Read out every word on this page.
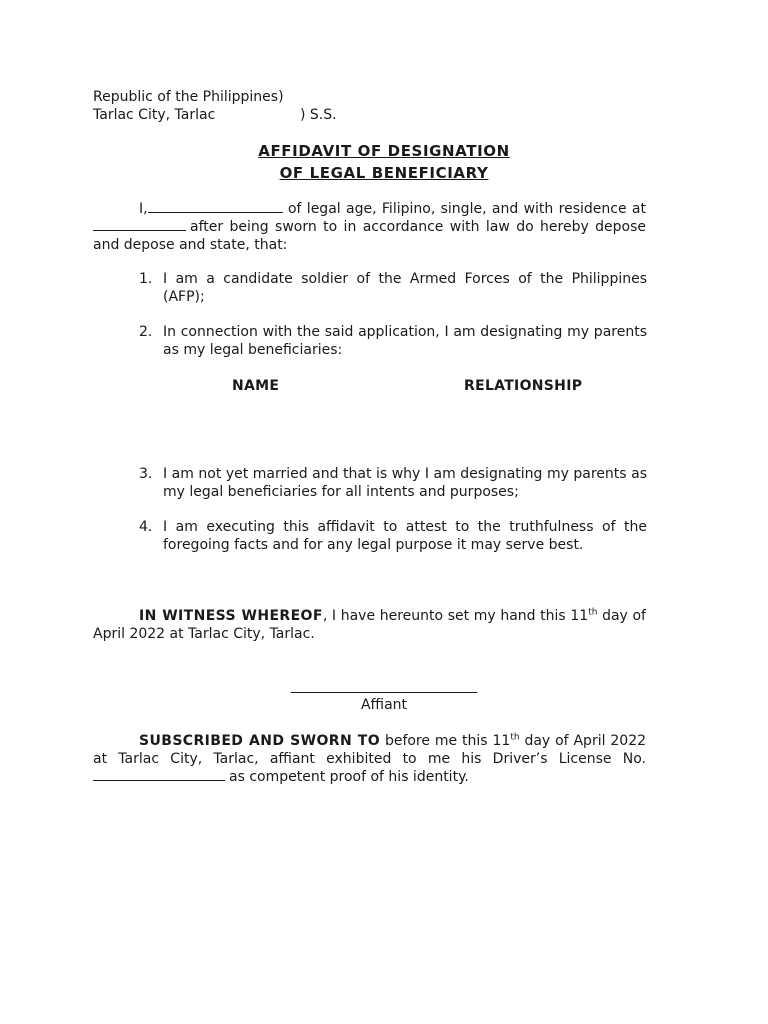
Republic of the Philippines)
Tarlac City, Tarlac	) S.S.
AFFIDAVIT OF DESIGNATION
OF LEGAL BENEFICIARY
I,	of legal age, Filipino, single, and with residence at after being sworn to in accordance with law do hereby depose and depose and state, that:
1. I am a candidate soldier of the Armed Forces of the Philippines (AFP);
2. In connection with the said application, I am designating my parents as my legal beneficiaries:
NAME	RELATIONSHIP
3. I am not yet married and that is why I am designating my parents as my legal beneficiaries for all intents and purposes;
4. I am executing this affidavit to attest to the truthfulness of the foregoing facts and for any legal purpose it may serve best.
IN WITNESS WHEREOF, I have hereunto set my hand this 11th day of April 2022 at Tarlac City, Tarlac.
Affiant
SUBSCRIBED AND SWORN TO before me this 11th day of April 2022 at Tarlac City, Tarlac, affiant exhibited to me his Driver’s License No. as competent proof of his identity.
